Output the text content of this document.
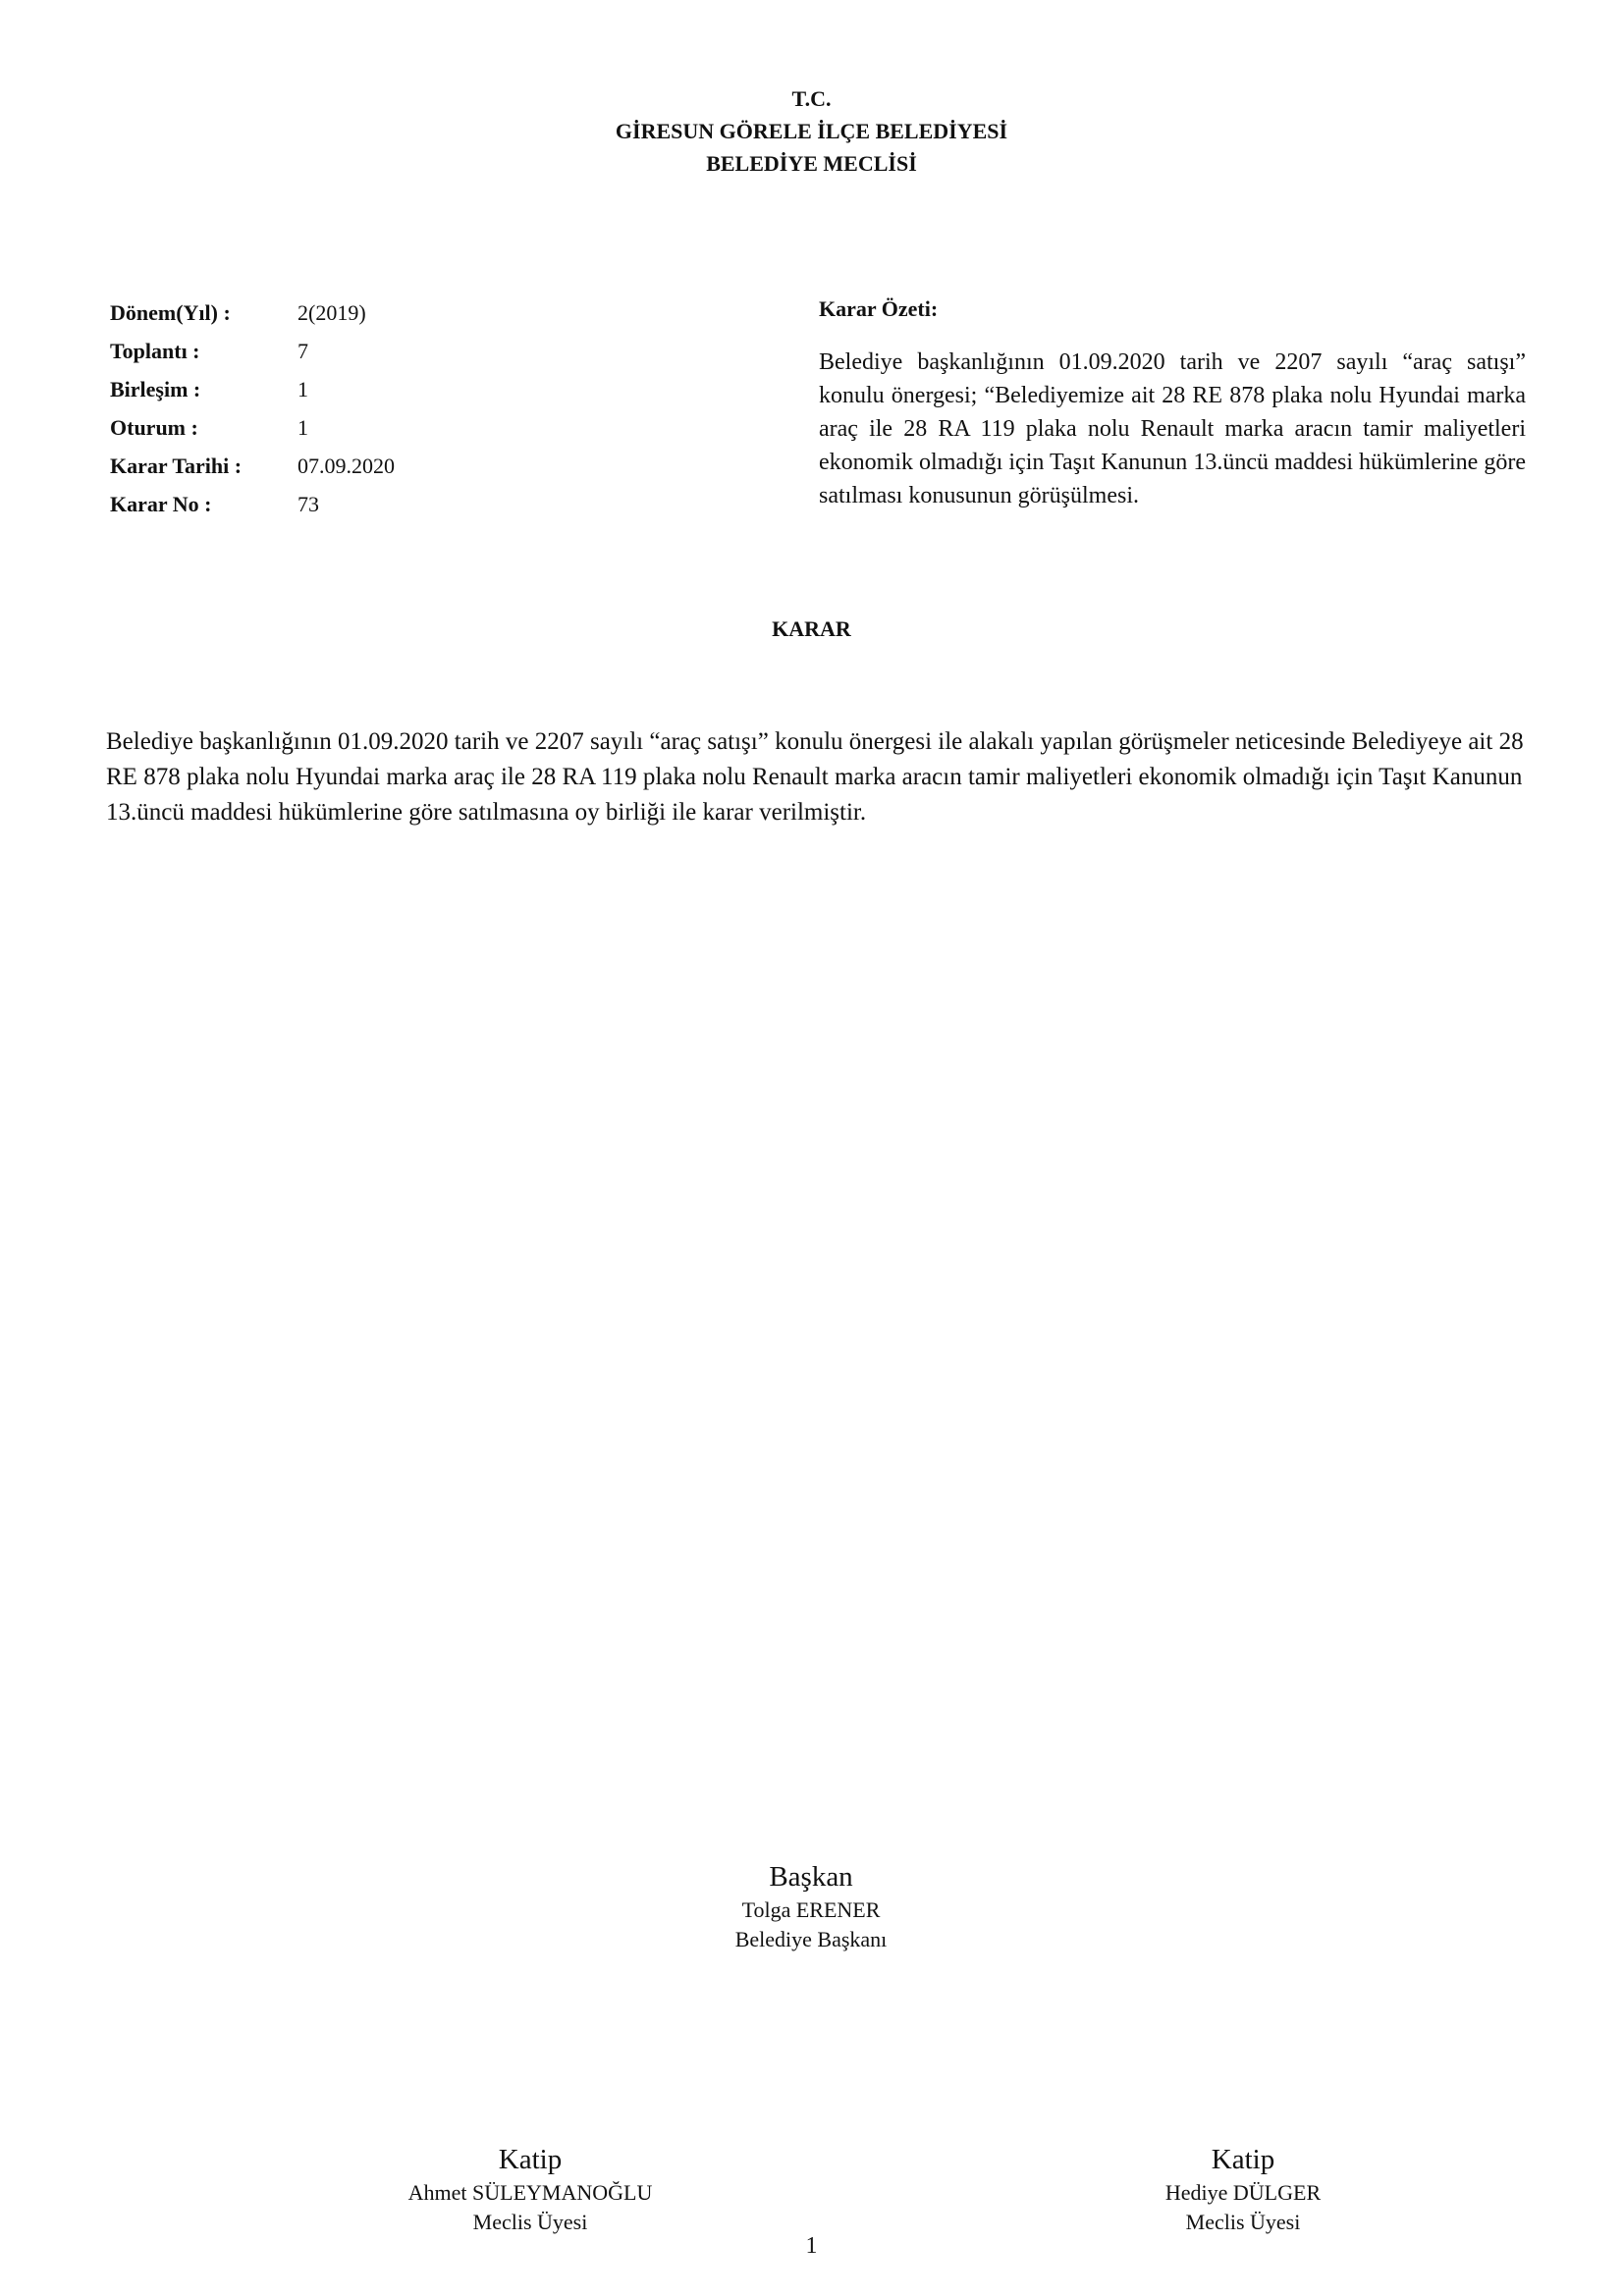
T.C.
GİRESUN GÖRELE İLÇE BELEDİYESİ
BELEDİYE MECLİSİ
Dönem(Yıl) :	2(2019)
Toplantı :	7
Birleşim :	1
Oturum :	1
Karar Tarihi :	07.09.2020
Karar No :	73
Karar Özeti:
Belediye başkanlığının 01.09.2020 tarih ve 2207 sayılı “araç satışı” konulu önergesi; “Belediyemize ait 28 RE 878 plaka nolu Hyundai marka araç ile 28 RA 119 plaka nolu Renault marka aracın tamir maliyetleri ekonomik olmadığı için Taşıt Kanunun 13.üncü maddesi hükümlerine göre satılması konusunun görüşülmesi.
KARAR
Belediye başkanlığının 01.09.2020 tarih ve 2207 sayılı “araç satışı” konulu önergesi ile alakalı yapılan görüşmeler neticesinde Belediyeye ait 28 RE 878 plaka nolu Hyundai marka araç ile 28 RA 119 plaka nolu Renault marka aracın tamir maliyetleri ekonomik olmadığı için Taşıt Kanunun 13.üncü maddesi hükümlerine göre satılmasına oy birliği ile karar verilmiştir.
Başkan
Tolga ERENER
Belediye Başkanı
Katip
Ahmet SÜLEYMANOĞLU
Meclis Üyesi
Katip
Hediye DÜLGER
Meclis Üyesi
1
